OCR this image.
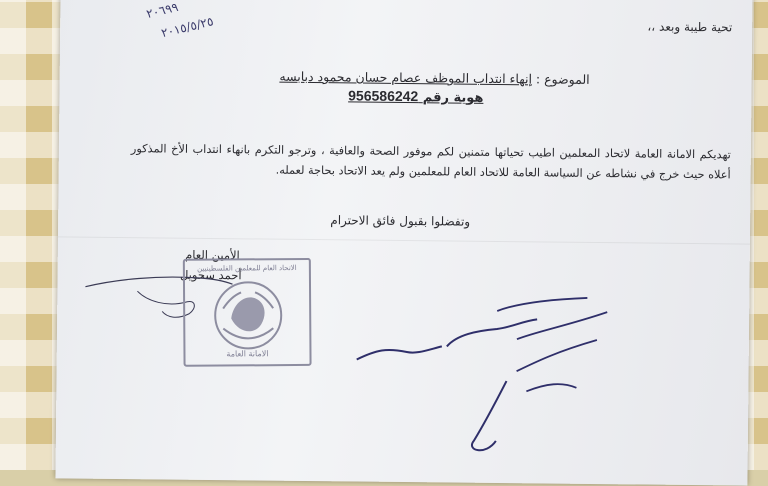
تحية طيبة وبعد ،،
٢٠٦٩٩
٢٠١٥/٥/٢٥
الموضوع : إنهاء انتداب الموظف عصام حسان محمود دبابسه
هوية رقم 956586242
تهديكم الامانة العامة لاتحاد المعلمين اطيب تحياتها متمنين لكم موفور الصحة والعافية ، وترجو التكرم بانهاء انتداب الأخ المذكور أعلاه حيث خرج في نشاطه عن السياسة العامة للاتحاد العام للمعلمين ولم يعد الاتحاد بحاجة لعمله.
وتفضلوا بقبول فائق الاحترام
الأمين العام
أحمد سحويل
الاتحاد العام للمعلمين الفلسطينيين
الامانة العامة
